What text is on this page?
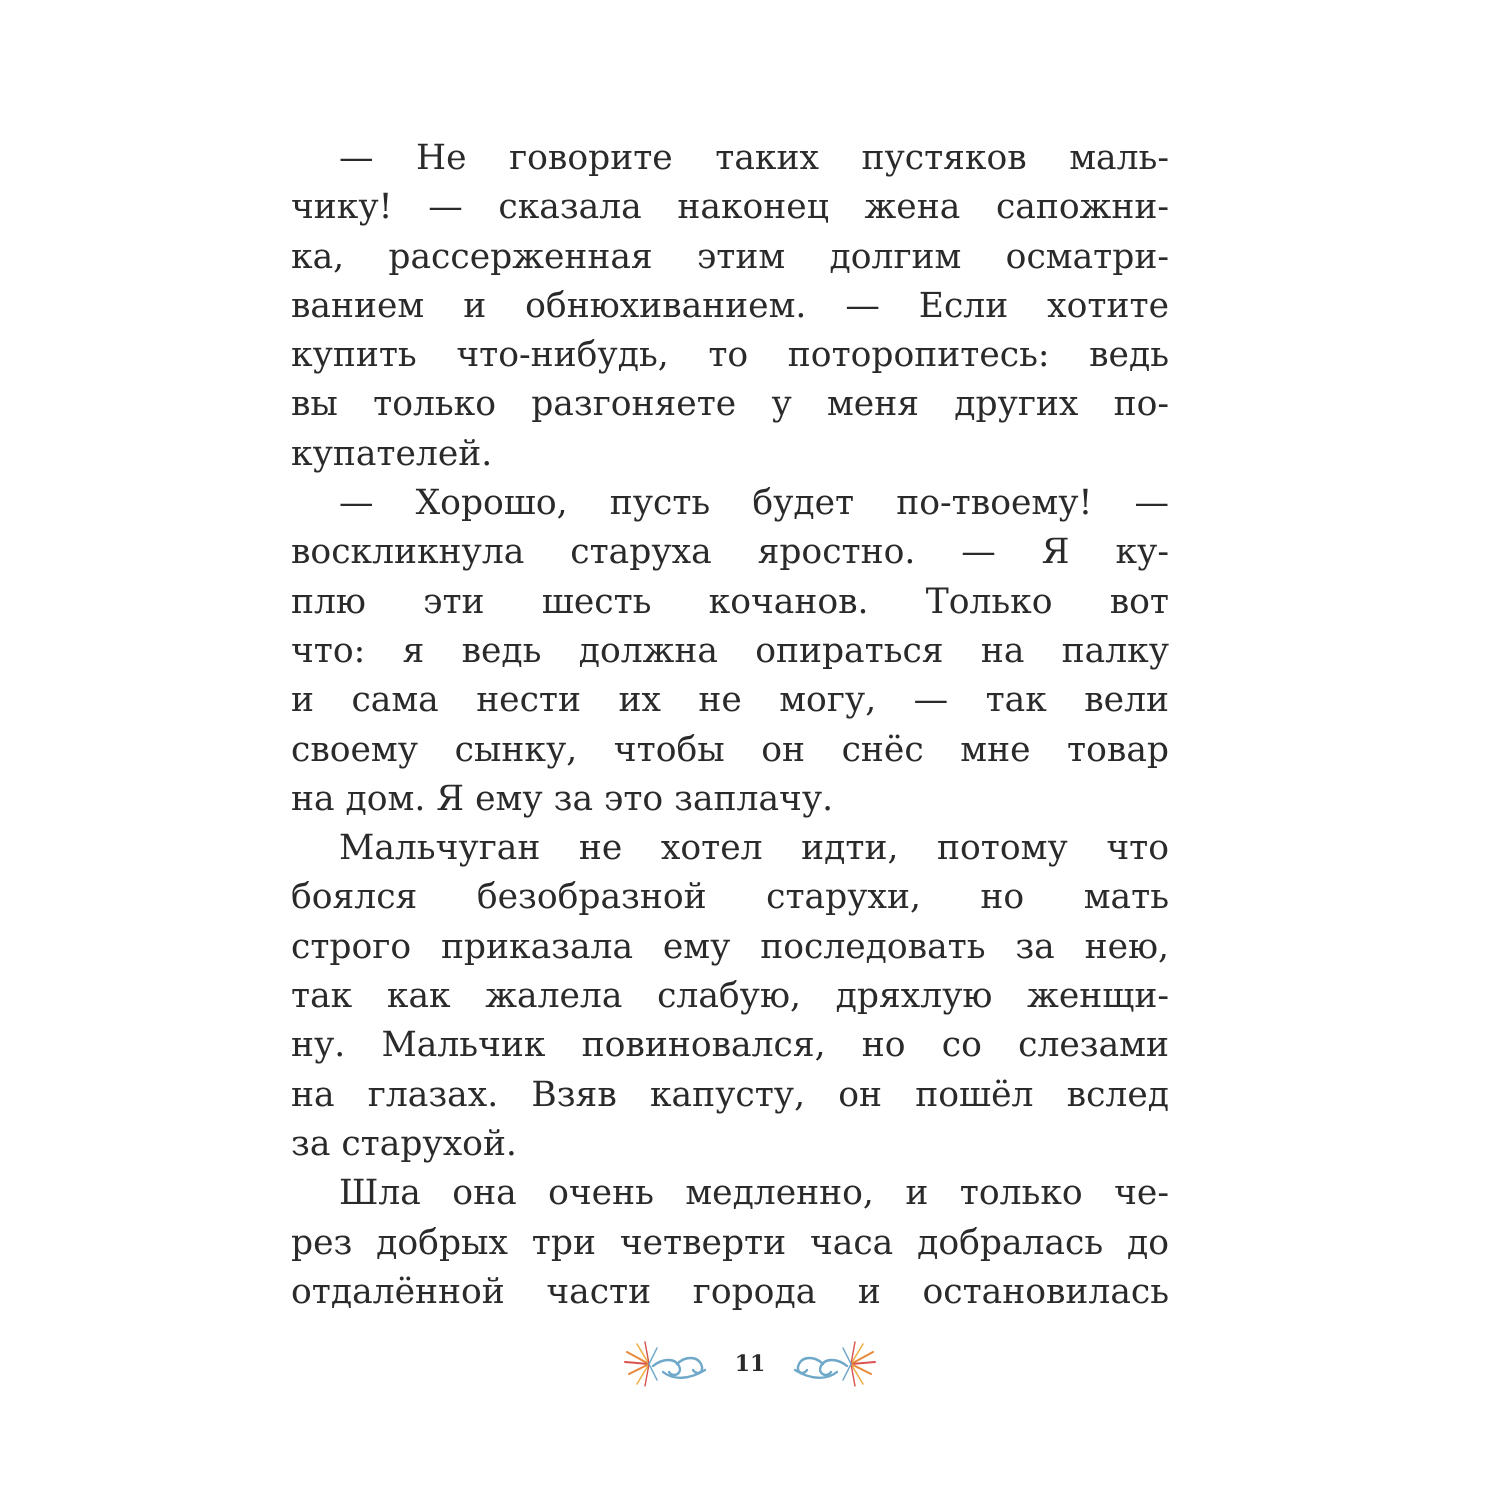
— Не говорите таких пустяков маль-
чику! — сказала наконец жена сапожни-
ка, рассерженная этим долгим осматри-
ванием и обнюхиванием. — Если хотите
купить что-нибудь, то поторопитесь: ведь
вы только разгоняете у меня других по-
купателей.
— Хорошо, пусть будет по-твоему! —
воскликнула старуха яростно. — Я ку-
плю эти шесть кочанов. Только вот
что: я ведь должна опираться на палку
и сама нести их не могу, — так вели
своему сынку, чтобы он снёс мне товар
на дом. Я ему за это заплачу.
Мальчуган не хотел идти, потому что
боялся безобразной старухи, но мать
строго приказала ему последовать за нею,
так как жалела слабую, дряхлую женщи-
ну. Мальчик повиновался, но со слезами
на глазах. Взяв капусту, он пошёл вслед
за старухой.
Шла она очень медленно, и только че-
рез добрых три четверти часа добралась до
отдалённой части города и остановилась
11
